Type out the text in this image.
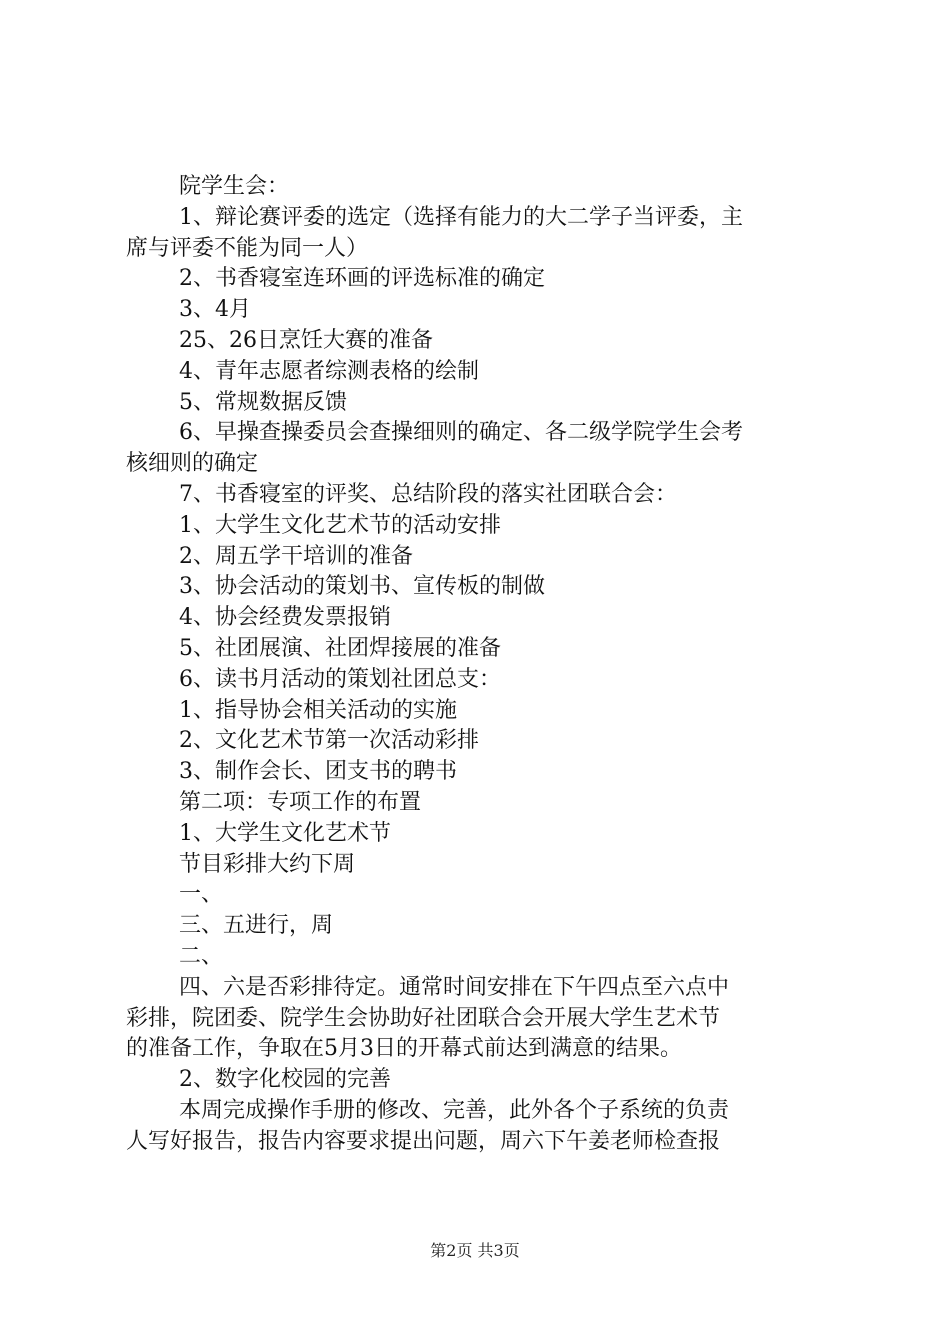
院学生会：
1、辩论赛评委的选定（选择有能力的大二学子当评委，主
席与评委不能为同一人）
2、书香寝室连环画的评选标准的确定
3、4月
25、26日烹饪大赛的准备
4、青年志愿者综测表格的绘制
5、常规数据反馈
6、早操查操委员会查操细则的确定、各二级学院学生会考
核细则的确定
7、书香寝室的评奖、总结阶段的落实社团联合会：
1、大学生文化艺术节的活动安排
2、周五学干培训的准备
3、协会活动的策划书、宣传板的制做
4、协会经费发票报销
5、社团展演、社团焊接展的准备
6、读书月活动的策划社团总支：
1、指导协会相关活动的实施
2、文化艺术节第一次活动彩排
3、制作会长、团支书的聘书
第二项：专项工作的布置
1、大学生文化艺术节
节目彩排大约下周
一、
三、五进行，周
二、
四、六是否彩排待定。通常时间安排在下午四点至六点中
彩排，院团委、院学生会协助好社团联合会开展大学生艺术节
的准备工作，争取在5月3日的开幕式前达到满意的结果。
2、数字化校园的完善
本周完成操作手册的修改、完善，此外各个子系统的负责
人写好报告，报告内容要求提出问题，周六下午姜老师检查报
第2页 共3页
